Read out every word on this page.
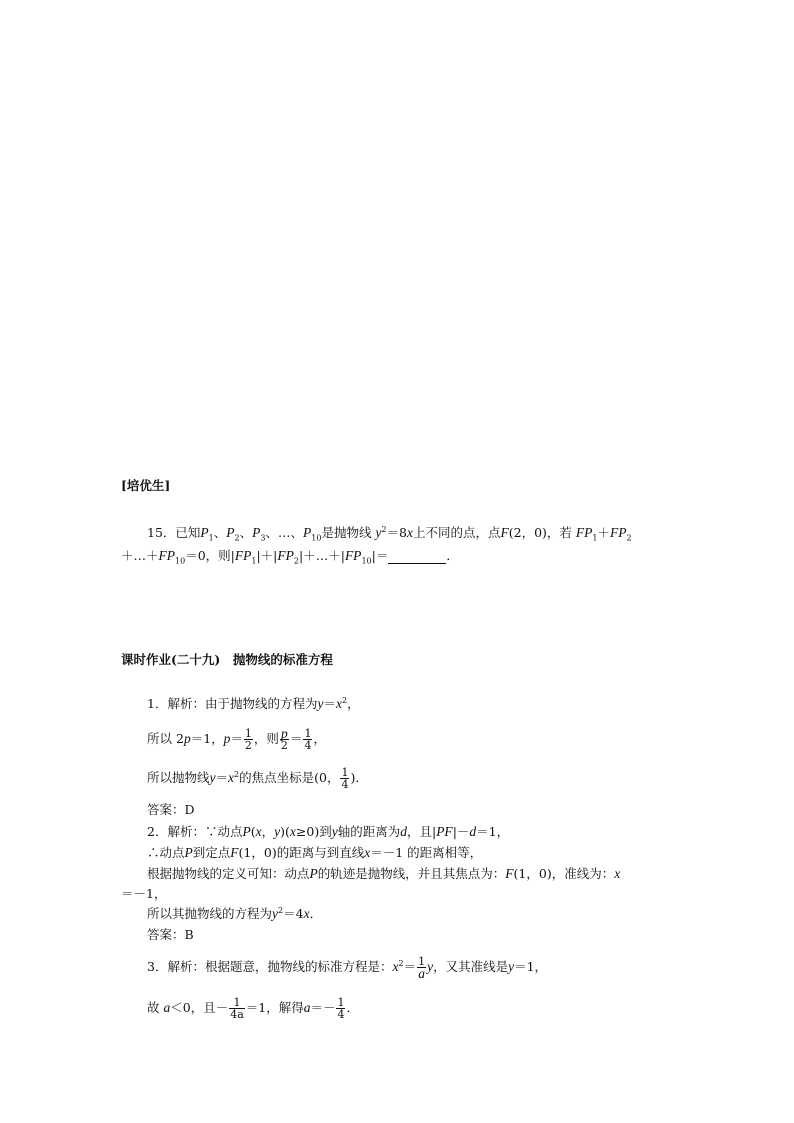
[培优生]
15．已知$P_1$、$P_2$、$P_3$、…、$P_{10}$是抛物线 $y^2=8x$上不同的点，点F(2，0)，若 $FP_1+FP_2$
$+\dots+FP_{10}=0$，则$|FP_1|+|FP_2|+\dots+|FP_{10}|=$	．
课时作业(二十九)　抛物线的标准方程
1．解析：由于抛物线的方程为$y=x^2$，
所以 2p＝1，$p= \frac{1}{2}$ ，则 $\frac{p}{2} = \frac{1}{4}$ ，
所以抛物线$y=x^2$的焦点坐标是(0， $\frac{1}{4}$ )．
答案：D
2．解析：∵动点P(x，y)(x≥0)到y轴的距离为d，且|PF|－d＝1，
∴动点P到定点F(1，0)的距离与到直线x＝－1 的距离相等，
根据抛物线的定义可知：动点P的轨迹是抛物线，并且其焦点为：F(1，0)，准线为：x
＝－1，
所以其抛物线的方程为$y^2=4x$．
答案：B
3．解析：根据题意，抛物线的标准方程是：$x^2= \frac{1}{a}$ y，又其准线是y＝1，
故 a＜0，且－ $\frac{1}{4a} =1$，解得$a=- \frac{1}{4}$ ．
